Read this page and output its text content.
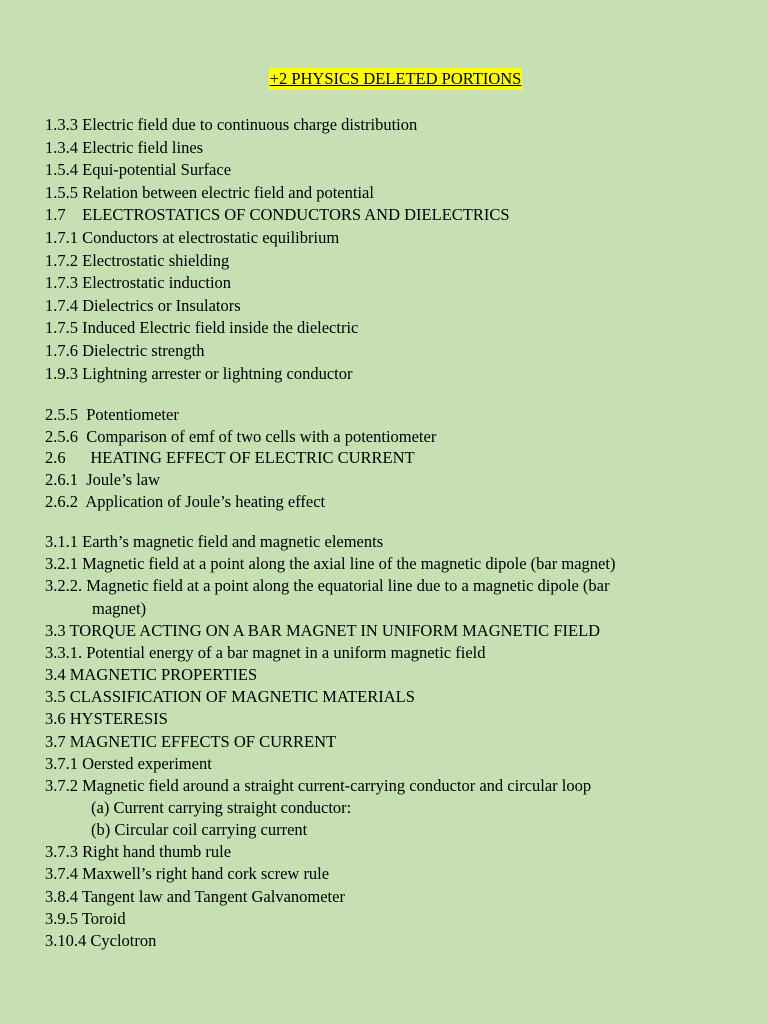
+2 PHYSICS DELETED PORTIONS
1.3.3 Electric field due to continuous charge distribution
1.3.4 Electric field lines
1.5.4 Equi-potential Surface
1.5.5 Relation between electric field and potential
1.7    ELECTROSTATICS OF CONDUCTORS AND DIELECTRICS
1.7.1 Conductors at electrostatic equilibrium
1.7.2 Electrostatic shielding
1.7.3 Electrostatic induction
1.7.4 Dielectrics or Insulators
1.7.5 Induced Electric field inside the dielectric
1.7.6 Dielectric strength
1.9.3 Lightning arrester or lightning conductor
2.5.5  Potentiometer
2.5.6  Comparison of emf of two cells with a potentiometer
2.6      HEATING EFFECT OF ELECTRIC CURRENT
2.6.1  Joule’s law
2.6.2  Application of Joule’s heating effect
3.1.1 Earth’s magnetic field and magnetic elements
3.2.1 Magnetic field at a point along the axial line of the magnetic dipole (bar magnet)
3.2.2. Magnetic field at a point along the equatorial line due to a magnetic dipole (bar
magnet)
3.3 TORQUE ACTING ON A BAR MAGNET IN UNIFORM MAGNETIC FIELD
3.3.1. Potential energy of a bar magnet in a uniform magnetic field
3.4 MAGNETIC PROPERTIES
3.5 CLASSIFICATION OF MAGNETIC MATERIALS
3.6 HYSTERESIS
3.7 MAGNETIC EFFECTS OF CURRENT
3.7.1 Oersted experiment
3.7.2 Magnetic field around a straight current-carrying conductor and circular loop
(a) Current carrying straight conductor:
(b) Circular coil carrying current
3.7.3 Right hand thumb rule
3.7.4 Maxwell’s right hand cork screw rule
3.8.4 Tangent law and Tangent Galvanometer
3.9.5 Toroid
3.10.4 Cyclotron
